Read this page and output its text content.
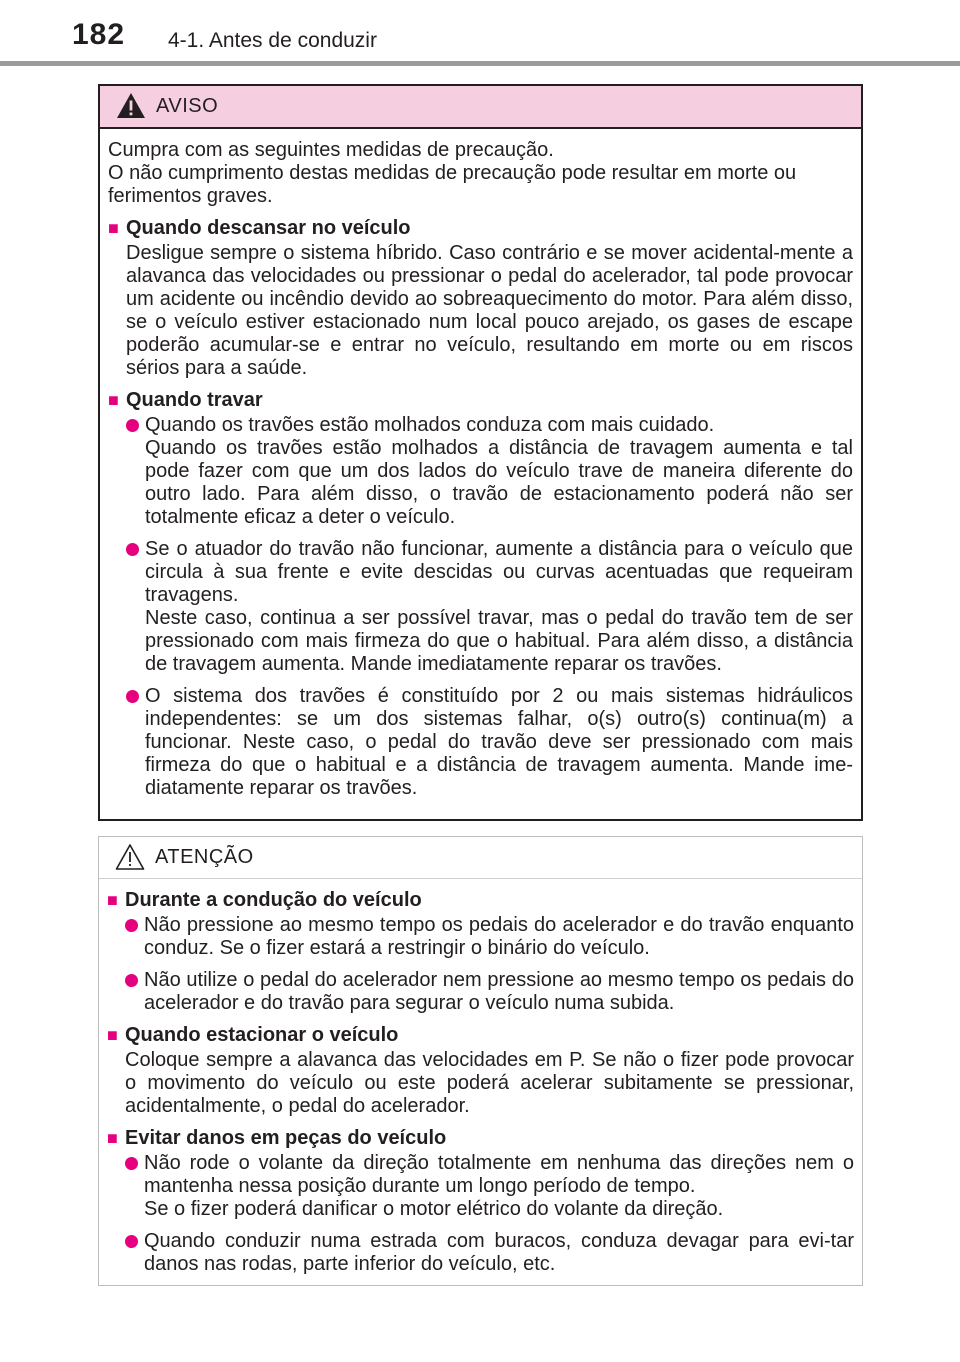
182 4-1. Antes de conduzir
AVISO

Cumpra com as seguintes medidas de precaução.

O não cumprimento destas medidas de precaução pode resultar em morte ou ferimentos graves.

■ Quando descansar no veículo

Desligue sempre o sistema híbrido. Caso contrário e se mover acidental-mente a alavanca das velocidades ou pressionar o pedal do acelerador, tal pode provocar um acidente ou incêndio devido ao sobreaquecimento do motor. Para além disso, se o veículo estiver estacionado num local pouco arejado, os gases de escape poderão acumular-se e entrar no veículo, resultando em morte ou em riscos sérios para a saúde.

■ Quando travar

Quando os travões estão molhados conduza com mais cuidado.

Quando os travões estão molhados a distância de travagem aumenta e tal pode fazer com que um dos lados do veículo trave de maneira diferente do outro lado. Para além disso, o travão de estacionamento poderá não ser totalmente eficaz a deter o veículo.

Se o atuador do travão não funcionar, aumente a distância para o veículo que circula à sua frente e evite descidas ou curvas acentuadas que requeiram travagens.

Neste caso, continua a ser possível travar, mas o pedal do travão tem de ser pressionado com mais firmeza do que o habitual. Para além disso, a distância de travagem aumenta. Mande imediatamente reparar os travões.

O sistema dos travões é constituído por 2 ou mais sistemas hidráulicos independentes: se um dos sistemas falhar, o(s) outro(s) continua(m) a funcionar. Neste caso, o pedal do travão deve ser pressionado com mais firmeza do que o habitual e a distância de travagem aumenta. Mande ime-diatamente reparar os travões.

ATENÇÃO
■ Durante a condução do veículo

Não pressione ao mesmo tempo os pedais do acelerador e do travão enquanto conduz. Se o fizer estará a restringir o binário do veículo.

Não utilize o pedal do acelerador nem pressione ao mesmo tempo os pedais do acelerador e do travão para segurar o veículo numa subida.

■ Quando estacionar o veículo

Coloque sempre a alavanca das velocidades em P. Se não o fizer pode provocar o movimento do veículo ou este poderá acelerar subitamente se pressionar, acidentalmente, o pedal do acelerador.

■ Evitar danos em peças do veículo

Não rode o volante da direção totalmente em nenhuma das direções nem o mantenha nessa posição durante um longo período de tempo.

Se o fizer poderá danificar o motor elétrico do volante da direção.

Quando conduzir numa estrada com buracos, conduza devagar para evi-tar danos nas rodas, parte inferior do veículo, etc.
